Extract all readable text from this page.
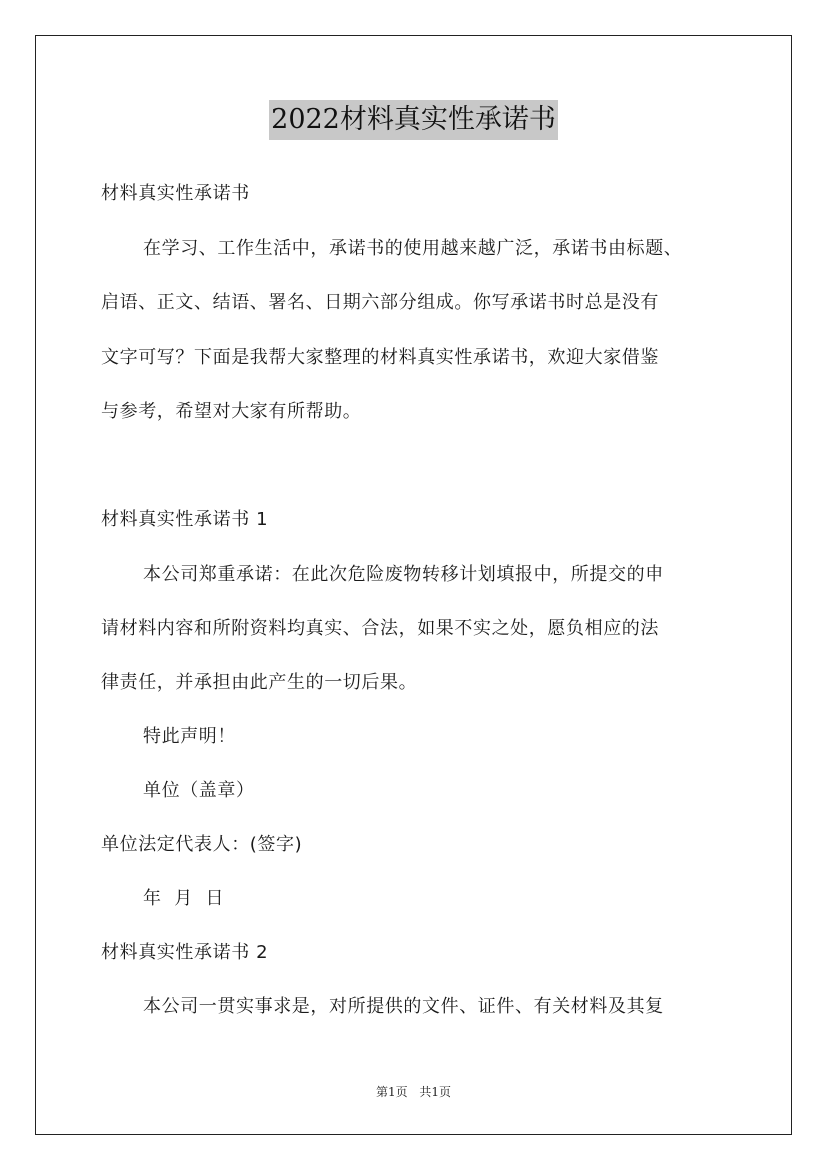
2022材料真实性承诺书
材料真实性承诺书
在学习、工作生活中，承诺书的使用越来越广泛，承诺书由标题、
启语、正文、结语、署名、日期六部分组成。你写承诺书时总是没有
文字可写？下面是我帮大家整理的材料真实性承诺书，欢迎大家借鉴
与参考，希望对大家有所帮助。
材料真实性承诺书 1
本公司郑重承诺：在此次危险废物转移计划填报中，所提交的申
请材料内容和所附资料均真实、合法，如果不实之处，愿负相应的法
律责任，并承担由此产生的一切后果。
特此声明！
单位（盖章）
单位法定代表人：(签字)
年  月  日
材料真实性承诺书 2
本公司一贯实事求是，对所提供的文件、证件、有关材料及其复
第1页 共1页
